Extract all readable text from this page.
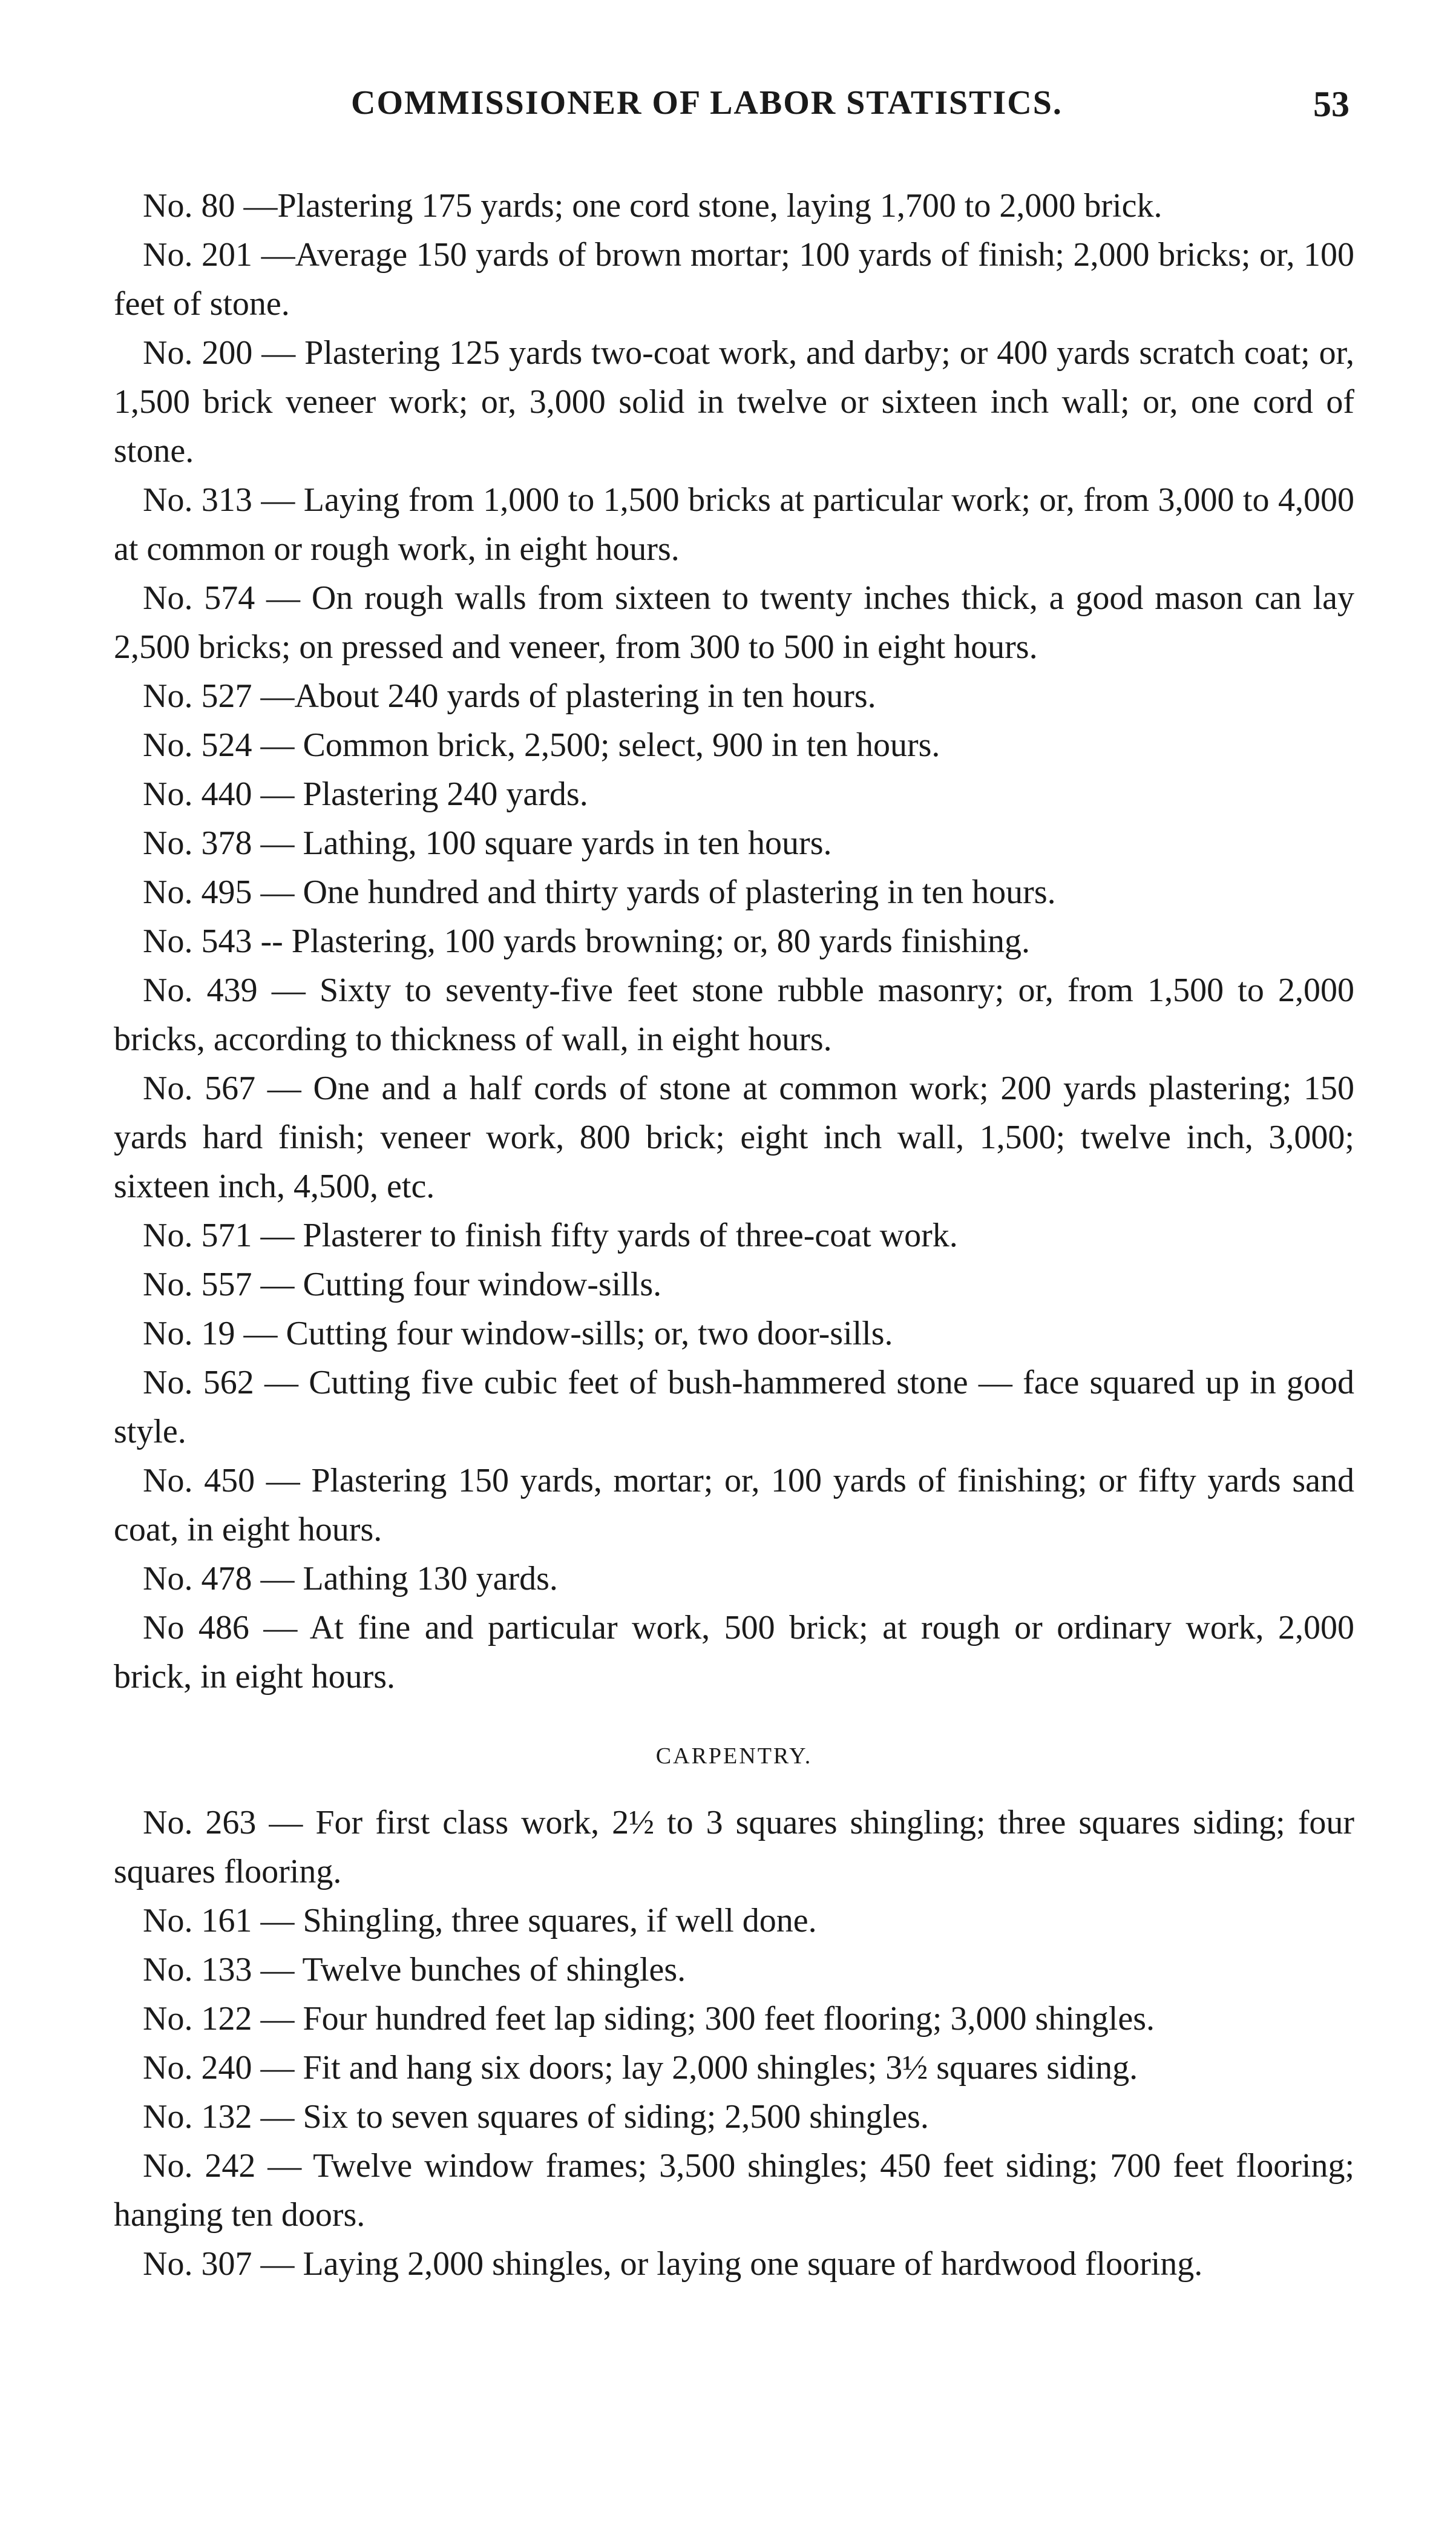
COMMISSIONER OF LABOR STATISTICS.	53

No. 80 —Plastering 175 yards; one cord stone, laying 1,700 to 2,000 brick.

No. 201 —Average 150 yards of brown mortar; 100 yards of finish; 2,000 bricks; or, 100 feet of stone.

No. 200 — Plastering 125 yards two-coat work, and darby; or 400 yards scratch coat; or, 1,500 brick veneer work; or, 3,000 solid in twelve or sixteen inch wall; or, one cord of stone.

No. 313 — Laying from 1,000 to 1,500 bricks at particular work; or, from 3,000 to 4,000 at common or rough work, in eight hours.

No. 574 — On rough walls from sixteen to twenty inches thick, a good mason can lay 2,500 bricks; on pressed and veneer, from 300 to 500 in eight hours.

No. 527 —About 240 yards of plastering in ten hours.

No. 524 — Common brick, 2,500; select, 900 in ten hours.

No. 440 — Plastering 240 yards.

No. 378 — Lathing, 100 square yards in ten hours.

No. 495 — One hundred and thirty yards of plastering in ten hours.

No. 543 -- Plastering, 100 yards browning; or, 80 yards finishing.

No. 439 — Sixty to seventy-five feet stone rubble masonry; or, from 1,500 to 2,000 bricks, according to thickness of wall, in eight hours.

No. 567 — One and a half cords of stone at common work; 200 yards plastering; 150 yards hard finish; veneer work, 800 brick; eight inch wall, 1,500; twelve inch, 3,000; sixteen inch, 4,500, etc.

No. 571 — Plasterer to finish fifty yards of three-coat work.

No. 557 — Cutting four window-sills.

No. 19 — Cutting four window-sills; or, two door-sills.

No. 562 — Cutting five cubic feet of bush-hammered stone — face squared up in good style.

No. 450 — Plastering 150 yards, mortar; or, 100 yards of finishing; or fifty yards sand coat, in eight hours.

No. 478 — Lathing 130 yards.

No 486 — At fine and particular work, 500 brick; at rough or ordinary work, 2,000 brick, in eight hours.

CARPENTRY.

No. 263 — For first class work, 2½ to 3 squares shingling; three squares siding; four squares flooring.

No. 161 — Shingling, three squares, if well done.

No. 133 — Twelve bunches of shingles.

No. 122 — Four hundred feet lap siding; 300 feet flooring; 3,000 shingles.

No. 240 — Fit and hang six doors; lay 2,000 shingles; 3½ squares siding.

No. 132 — Six to seven squares of siding; 2,500 shingles.

No. 242 — Twelve window frames; 3,500 shingles; 450 feet siding; 700 feet flooring; hanging ten doors.

No. 307 — Laying 2,000 shingles, or laying one square of hardwood flooring.
